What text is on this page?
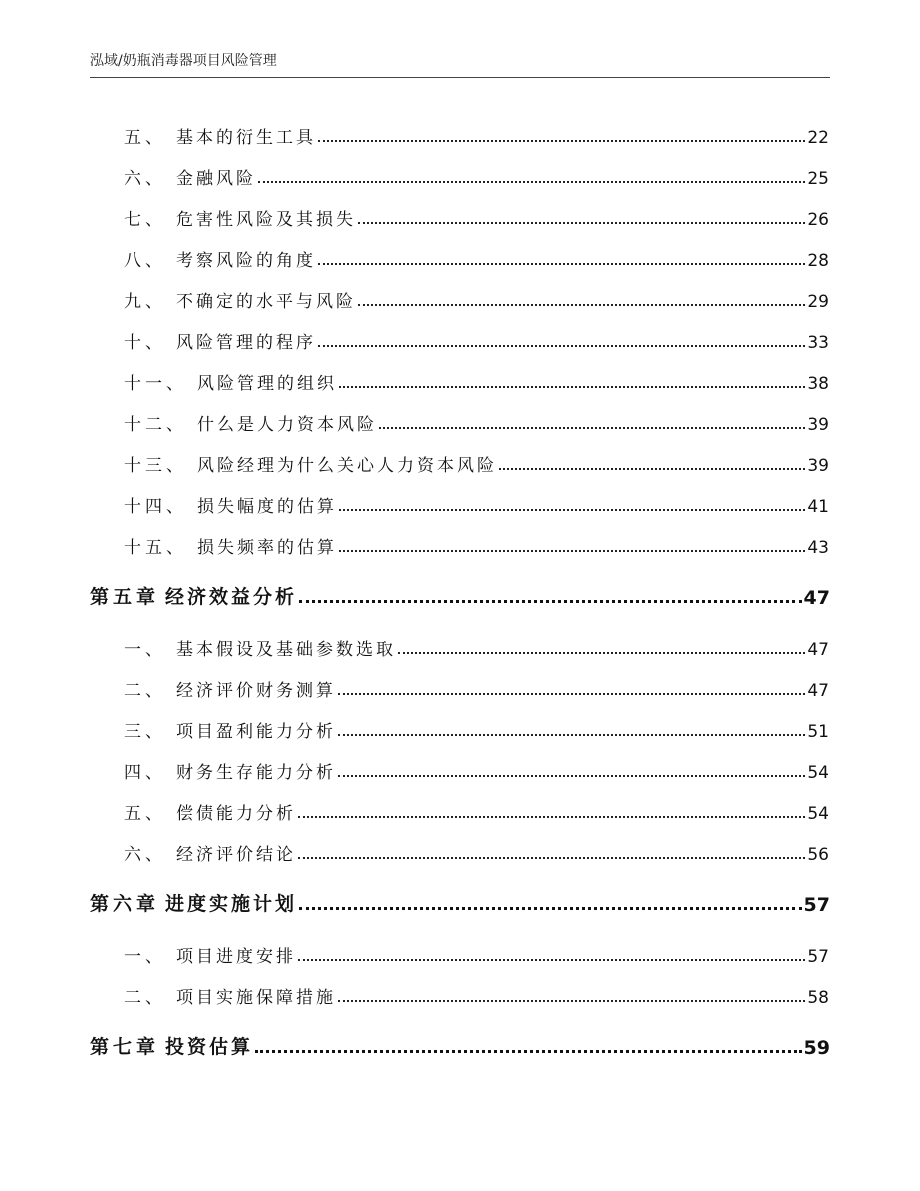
泓域/奶瓶消毒器项目风险管理
五、 基本的衍生工具	22
六、 金融风险	25
七、 危害性风险及其损失	26
八、 考察风险的角度	28
九、 不确定的水平与风险	29
十、 风险管理的程序	33
十一、 风险管理的组织	38
十二、 什么是人力资本风险	39
十三、 风险经理为什么关心人力资本风险	39
十四、 损失幅度的估算	41
十五、 损失频率的估算	43
第五章 经济效益分析	47
一、 基本假设及基础参数选取	47
二、 经济评价财务测算	47
三、 项目盈利能力分析	51
四、 财务生存能力分析	54
五、 偿债能力分析	54
六、 经济评价结论	56
第六章 进度实施计划	57
一、 项目进度安排	57
二、 项目实施保障措施	58
第七章 投资估算	59
